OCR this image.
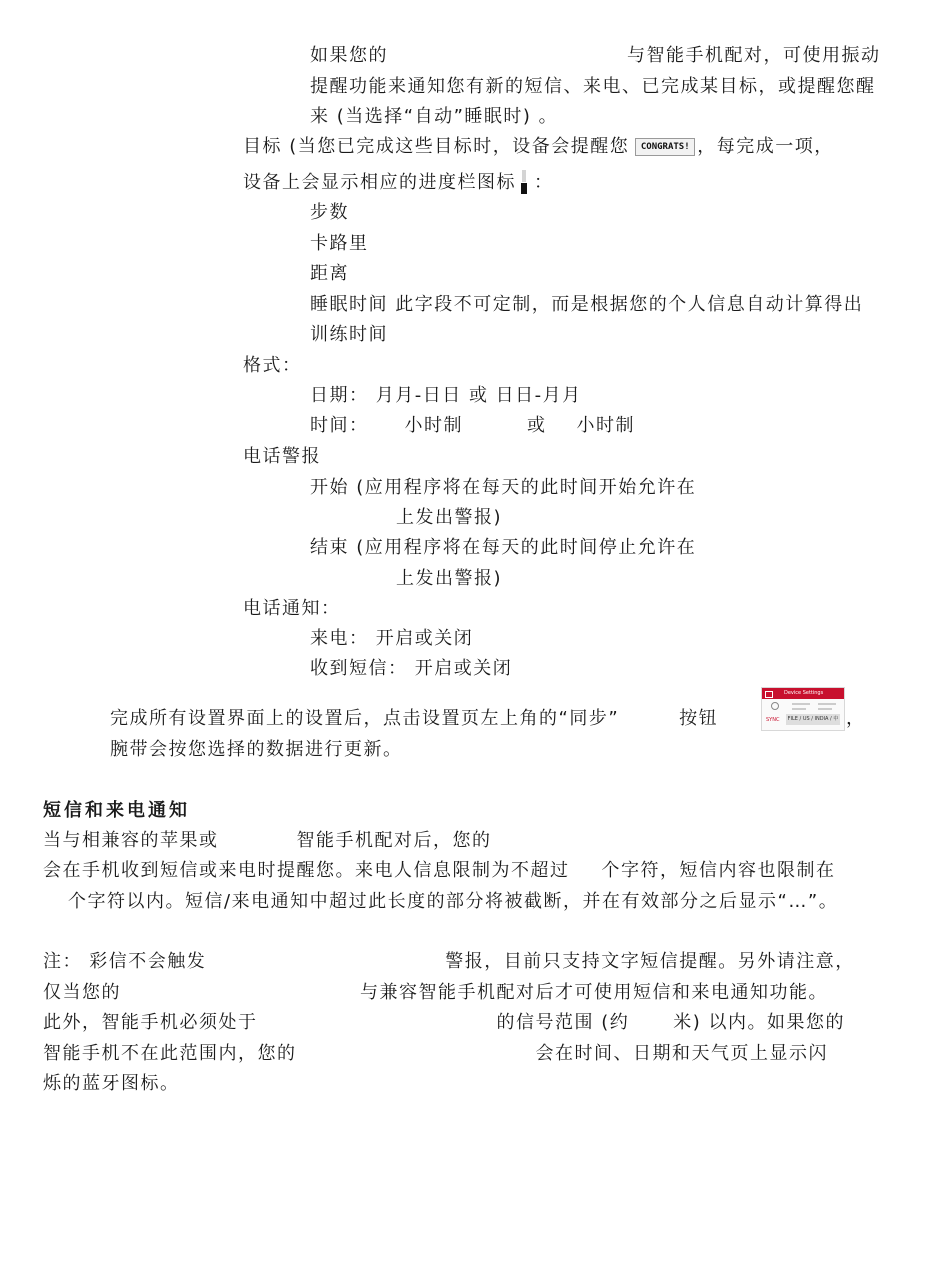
如果您的	与智能手机配对，可使用振动
提醒功能来通知您有新的短信、来电、已完成某目标，或提醒您醒
来 (当选择“自动”睡眠时) 。
目标 (当您已完成这些目标时，设备会提醒您 CONGRATS! ，每完成一项，
设备上会显示相应的进度栏图标 ：
步数
卡路里
距离
睡眠时间 此字段不可定制，而是根据您的个人信息自动计算得出
训练时间
格式：
日期： 月月-日日 或 日日-月月
时间： 小时制	或 小时制
电话警报
开始 (应用程序将在每天的此时间开始允许在
上发出警报)
结束 (应用程序将在每天的此时间停止允许在
上发出警报)
电话通知：
来电： 开启或关闭
收到短信： 开启或关闭
完成所有设置界面上的设置后，点击设置页左上角的“同步”	按钮	，
Device Settings
SYNC	FILE / US / INDIA / 中
腕带会按您选择的数据进行更新。
短信和来电通知
当与相兼容的苹果或	智能手机配对后，您的
会在手机收到短信或来电时提醒您。来电人信息限制为不超过 个字符，短信内容也限制在
个字符以内。短信/来电通知中超过此长度的部分将被截断，并在有效部分之后显示“…”。
注： 彩信不会触发	警报，目前只支持文字短信提醒。另外请注意，
仅当您的	与兼容智能手机配对后才可使用短信和来电通知功能。
此外，智能手机必须处于	的信号范围 (约 米) 以内。如果您的
智能手机不在此范围内，您的	会在时间、日期和天气页上显示闪
烁的蓝牙图标。
